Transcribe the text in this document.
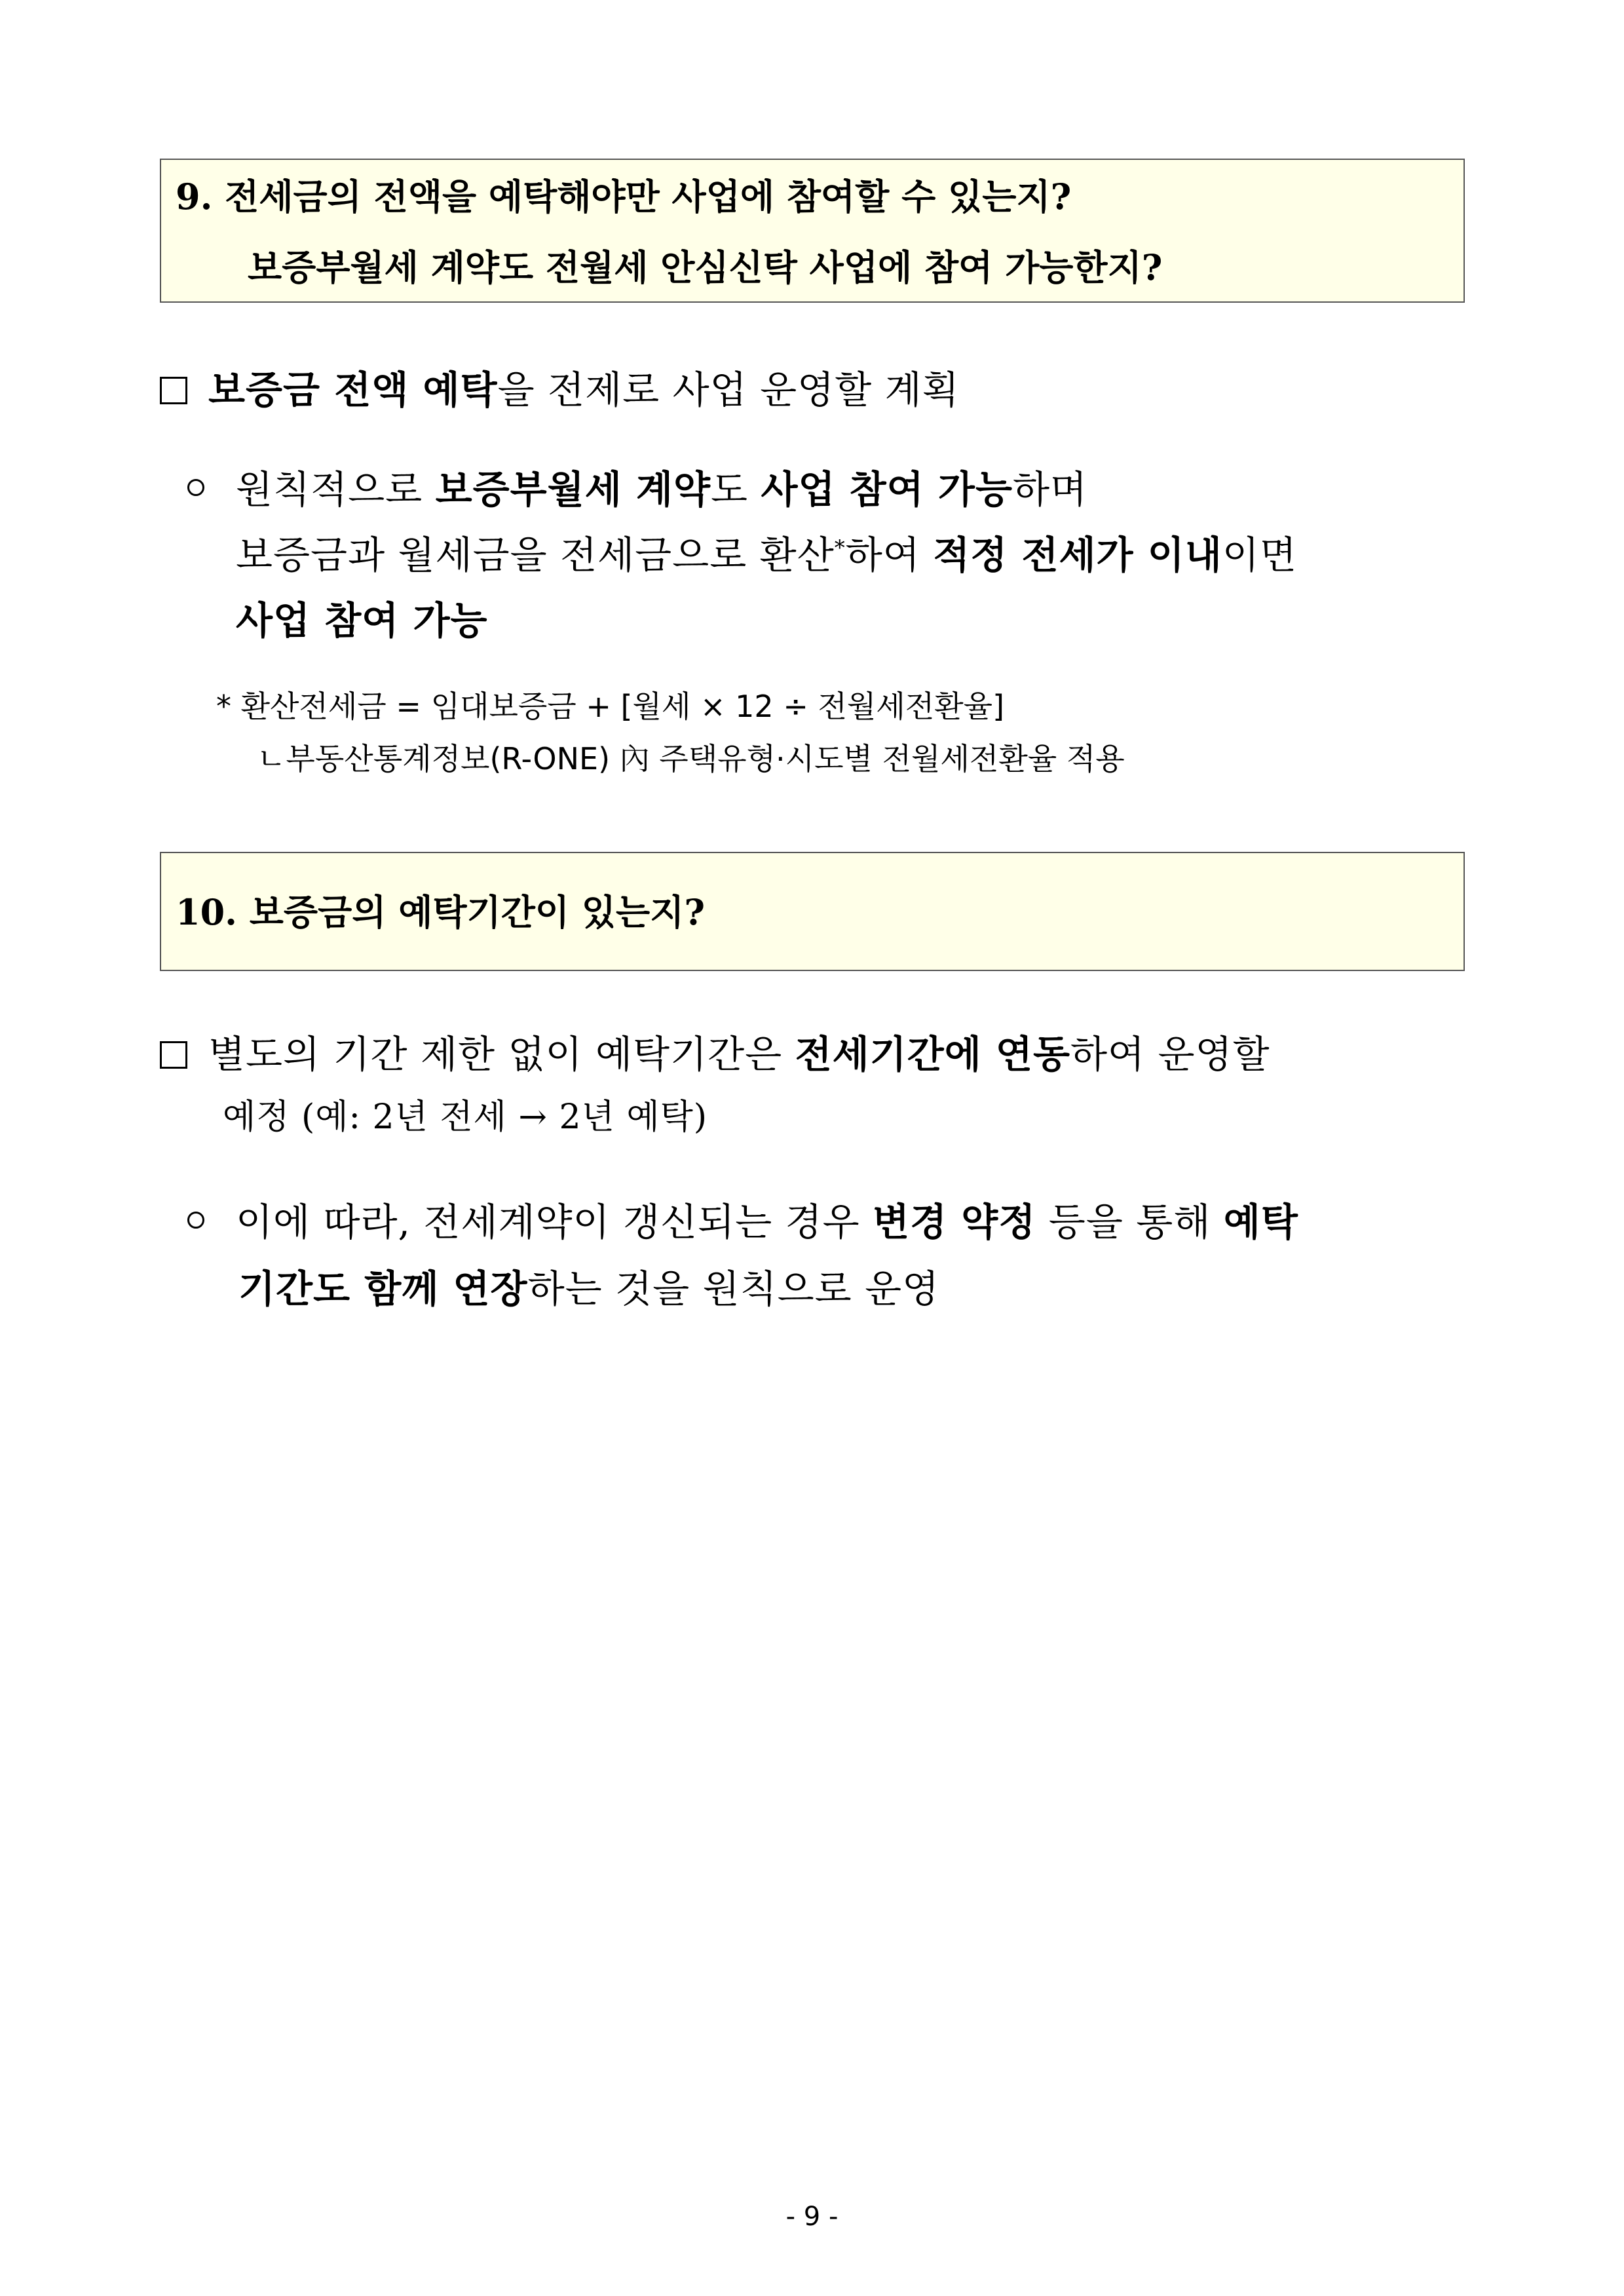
9. 전세금의 전액을 예탁해야만 사업에 참여할 수 있는지?
보증부월세 계약도 전월세 안심신탁 사업에 참여 가능한지?
보증금 전액 예탁을 전제로 사업 운영할 계획
원칙적으로 보증부월세 계약도 사업 참여 가능하며
보증금과 월세금을 전세금으로 환산*하여 적정 전세가 이내이면
사업 참여 가능
* 환산전세금 = 임대보증금 + [월세 × 12 ÷ 전월세전환율]
ㄴ부동산통계정보(R-ONE) 內 주택유형·시도별 전월세전환율 적용
10. 보증금의 예탁기간이 있는지?
별도의 기간 제한 없이 예탁기간은 전세기간에 연동하여 운영할
예정 (예: 2년 전세 → 2년 예탁)
이에 따라, 전세계약이 갱신되는 경우 변경 약정 등을 통해 예탁
기간도 함께 연장하는 것을 원칙으로 운영
- 9 -
